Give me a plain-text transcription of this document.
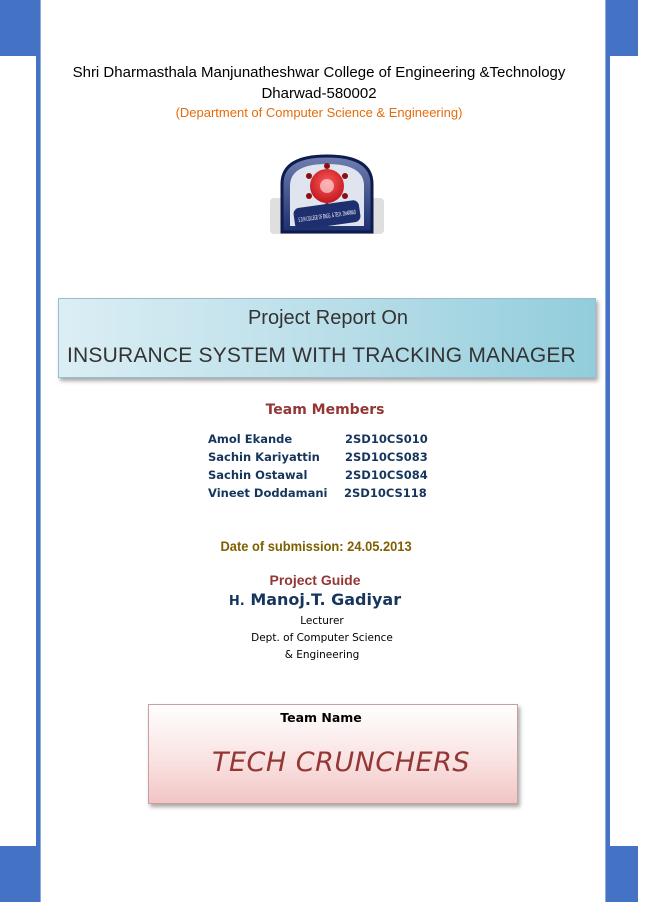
Shri Dharmasthala Manjunatheshwar College of Engineering &Technology
Dharwad-580002
(Department of Computer Science & Engineering)
Project Report On
INSURANCE SYSTEM WITH TRACKING MANAGER
Team Members
Amol Ekande	2SD10CS010
Sachin Kariyattin 2SD10CS083
Sachin Ostawal	2SD10CS084
Vineet Doddamani 2SD10CS118
Date of submission: 24.05.2013
Project Guide
H. Manoj.T. Gadiyar
Lecturer
Dept. of Computer Science
& Engineering
Team Name
TECH CRUNCHERS
